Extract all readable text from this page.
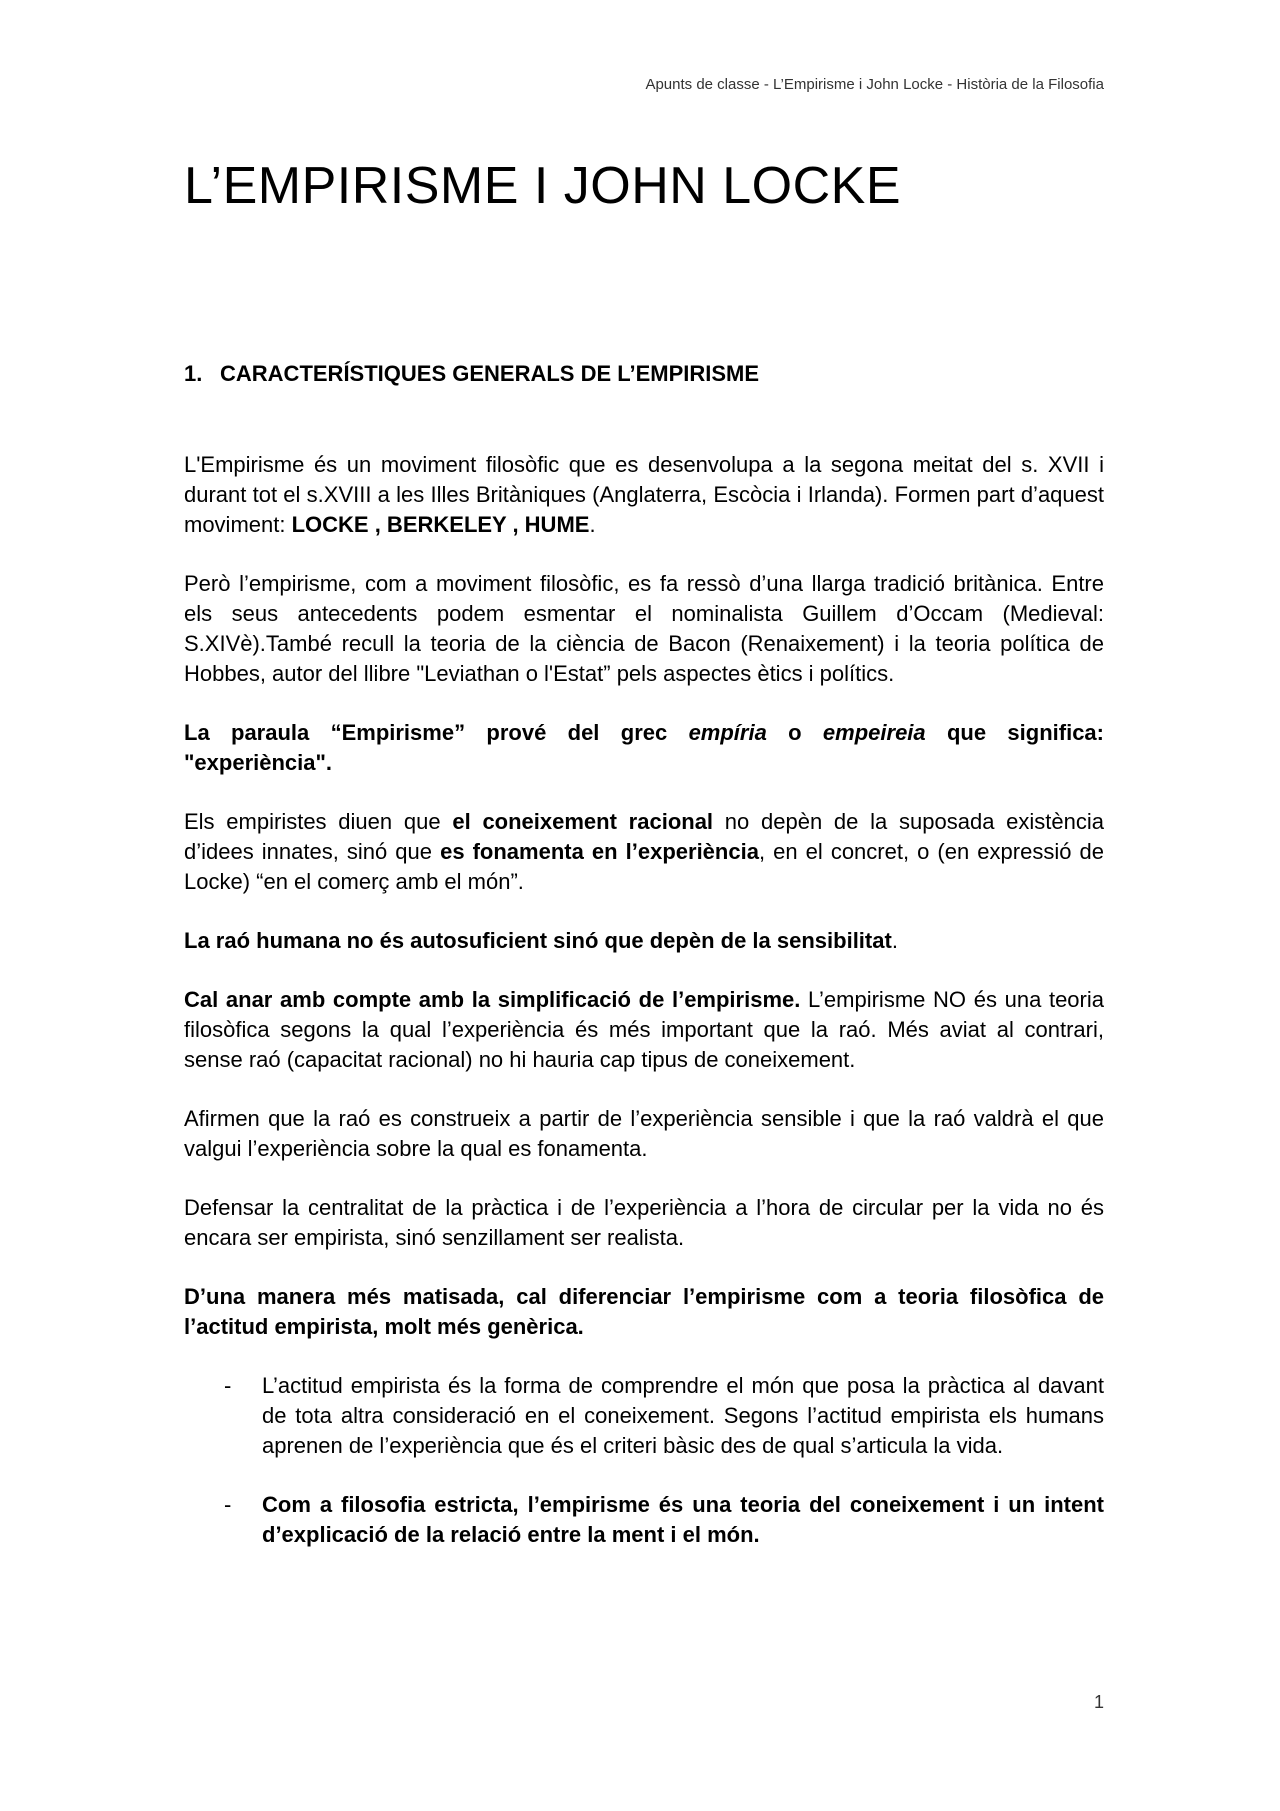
Apunts de classe - L’Empirisme i John Locke - Història de la Filosofia
L’EMPIRISME I JOHN LOCKE
1. CARACTERÍSTIQUES GENERALS DE L’EMPIRISME

L'Empirisme és un moviment filosòfic que es desenvolupa a la segona meitat del s. XVII i durant tot el s.XVIII a les Illes Britàniques (Anglaterra, Escòcia i Irlanda). Formen part d’aquest moviment: LOCKE , BERKELEY , HUME.

Però l’empirisme, com a moviment filosòfic, es fa ressò d’una llarga tradició britànica. Entre els seus antecedents podem esmentar el nominalista Guillem d’Occam (Medieval: S.XIVè).També recull la teoria de la ciència de Bacon (Renaixement) i la teoria política de Hobbes, autor del llibre "Leviathan o l'Estat” pels aspectes ètics i polítics.

La paraula “Empirisme” prové del grec empíria o empeireia que significa: "experiència".

Els empiristes diuen que el coneixement racional no depèn de la suposada existència d’idees innates, sinó que es fonamenta en l’experiència, en el concret, o (en expressió de Locke) “en el comerç amb el món”.

La raó humana no és autosuficient sinó que depèn de la sensibilitat.

Cal anar amb compte amb la simplificació de l’empirisme. L’empirisme NO és una teoria filosòfica segons la qual l’experiència és més important que la raó. Més aviat al contrari, sense raó (capacitat racional) no hi hauria cap tipus de coneixement.

Afirmen que la raó es construeix a partir de l’experiència sensible i que la raó valdrà el que valgui l’experiència sobre la qual es fonamenta.

Defensar la centralitat de la pràctica i de l’experiència a l’hora de circular per la vida no és encara ser empirista, sinó senzillament ser realista.

D’una manera més matisada, cal diferenciar l’empirisme com a teoria filosòfica de l’actitud empirista, molt més genèrica.

- L’actitud empirista és la forma de comprendre el món que posa la pràctica al davant de tota altra consideració en el coneixement. Segons l’actitud empirista els humans aprenen de l’experiència que és el criteri bàsic des de qual s’articula la vida.
- Com a filosofia estricta, l’empirisme és una teoria del coneixement i un intent d’explicació de la relació entre la ment i el món.
1
